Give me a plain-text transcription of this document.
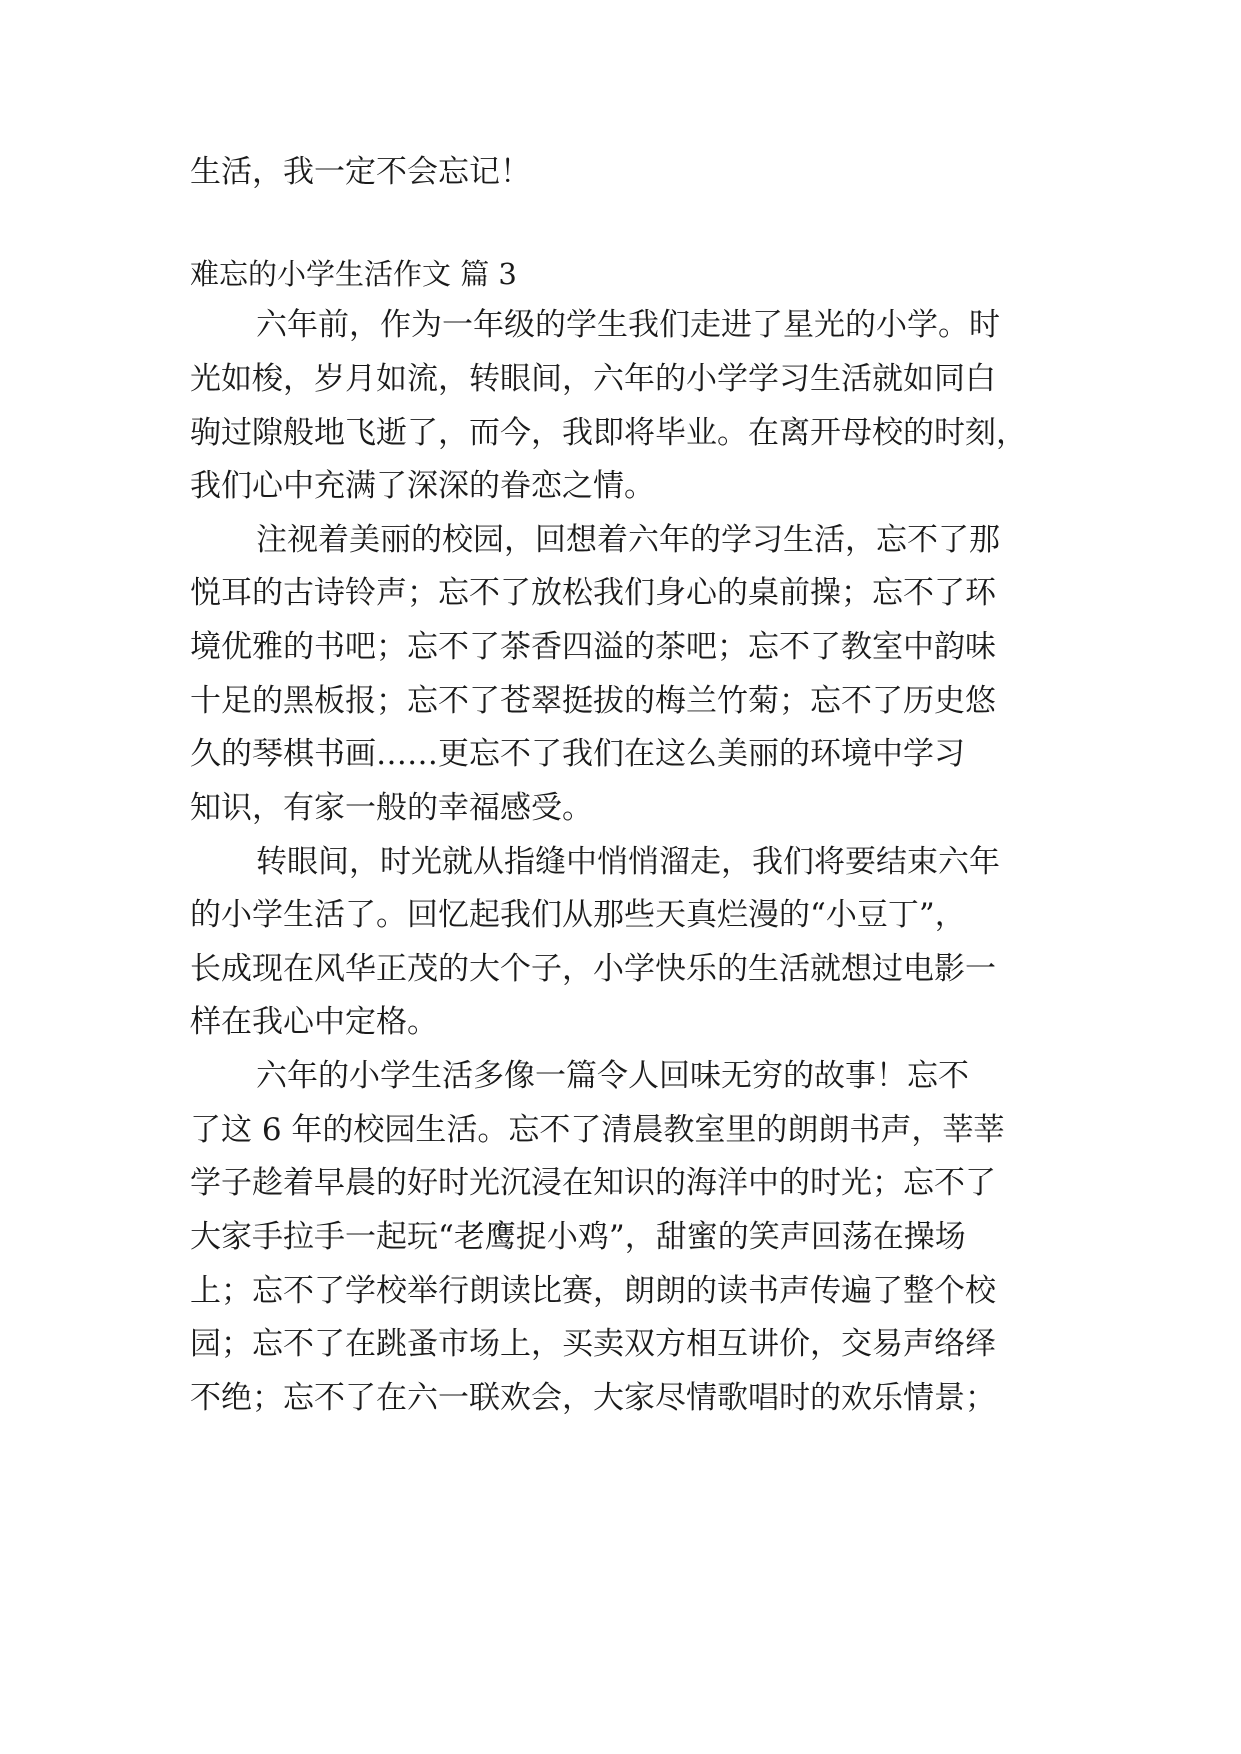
生活，我一定不会忘记！
难忘的小学生活作文 篇 3
六年前，作为一年级的学生我们走进了星光的小学。时
光如梭，岁月如流，转眼间，六年的小学学习生活就如同白
驹过隙般地飞逝了，而今，我即将毕业。在离开母校的时刻，
我们心中充满了深深的眷恋之情。
注视着美丽的校园，回想着六年的学习生活，忘不了那
悦耳的古诗铃声；忘不了放松我们身心的桌前操；忘不了环
境优雅的书吧；忘不了茶香四溢的茶吧；忘不了教室中韵味
十足的黑板报；忘不了苍翠挺拔的梅兰竹菊；忘不了历史悠
久的琴棋书画……更忘不了我们在这么美丽的环境中学习
知识，有家一般的幸福感受。
转眼间，时光就从指缝中悄悄溜走，我们将要结束六年
的小学生活了。回忆起我们从那些天真烂漫的“小豆丁”，
长成现在风华正茂的大个子，小学快乐的生活就想过电影一
样在我心中定格。
六年的小学生活多像一篇令人回味无穷的故事！忘不
了这 6 年的校园生活。忘不了清晨教室里的朗朗书声，莘莘
学子趁着早晨的好时光沉浸在知识的海洋中的时光；忘不了
大家手拉手一起玩“老鹰捉小鸡”，甜蜜的笑声回荡在操场
上；忘不了学校举行朗读比赛，朗朗的读书声传遍了整个校
园；忘不了在跳蚤市场上，买卖双方相互讲价，交易声络绎
不绝；忘不了在六一联欢会，大家尽情歌唱时的欢乐情景；
